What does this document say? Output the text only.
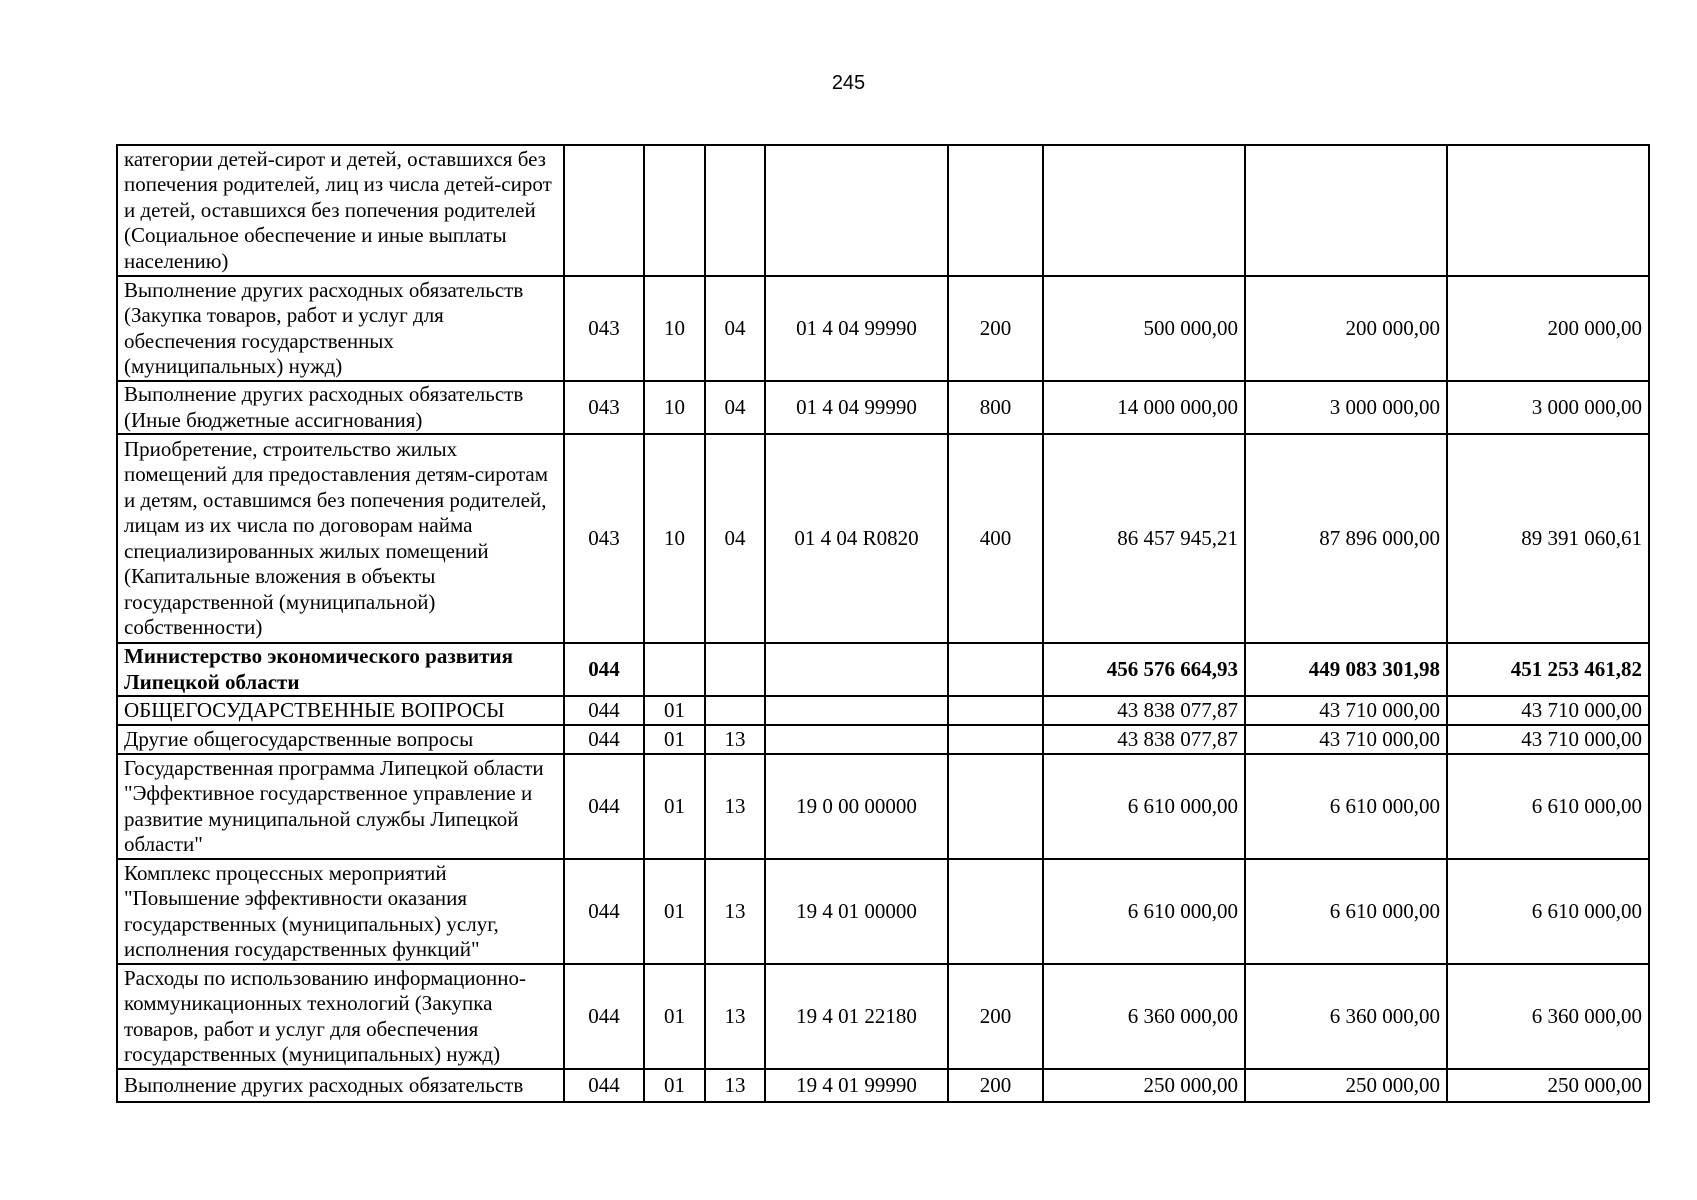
245
категории детей-сирот и детей, оставшихся без попечения родителей, лиц из числа детей-сирот и детей, оставшихся без попечения родителей (Социальное обеспечение и иные выплаты населению)								
Выполнение других расходных обязательств (Закупка товаров, работ и услуг для обеспечения государственных (муниципальных) нужд)	043	10	04	01 4 04 99990	200	500 000,00	200 000,00	200 000,00
Выполнение других расходных обязательств (Иные бюджетные ассигнования)	043	10	04	01 4 04 99990	800	14 000 000,00	3 000 000,00	3 000 000,00
Приобретение, строительство жилых помещений для предоставления детям-сиротам и детям, оставшимся без попечения родителей, лицам из их числа по договорам найма специализированных жилых помещений (Капитальные вложения в объекты государственной (муниципальной) собственности)	043	10	04	01 4 04 R0820	400	86 457 945,21	87 896 000,00	89 391 060,61
Министерство экономического развития Липецкой области	044					456 576 664,93	449 083 301,98	451 253 461,82
ОБЩЕГОСУДАРСТВЕННЫЕ ВОПРОСЫ	044	01				43 838 077,87	43 710 000,00	43 710 000,00
Другие общегосударственные вопросы	044	01	13			43 838 077,87	43 710 000,00	43 710 000,00
Государственная программа Липецкой области "Эффективное государственное управление и развитие муниципальной службы Липецкой области"	044	01	13	19 0 00 00000		6 610 000,00	6 610 000,00	6 610 000,00
Комплекс процессных мероприятий "Повышение эффективности оказания государственных (муниципальных) услуг, исполнения государственных функций"	044	01	13	19 4 01 00000		6 610 000,00	6 610 000,00	6 610 000,00
Расходы по использованию информационно-коммуникационных технологий (Закупка товаров, работ и услуг для обеспечения государственных (муниципальных) нужд)	044	01	13	19 4 01 22180	200	6 360 000,00	6 360 000,00	6 360 000,00
Выполнение других расходных обязательств	044	01	13	19 4 01 99990	200	250 000,00	250 000,00	250 000,00
